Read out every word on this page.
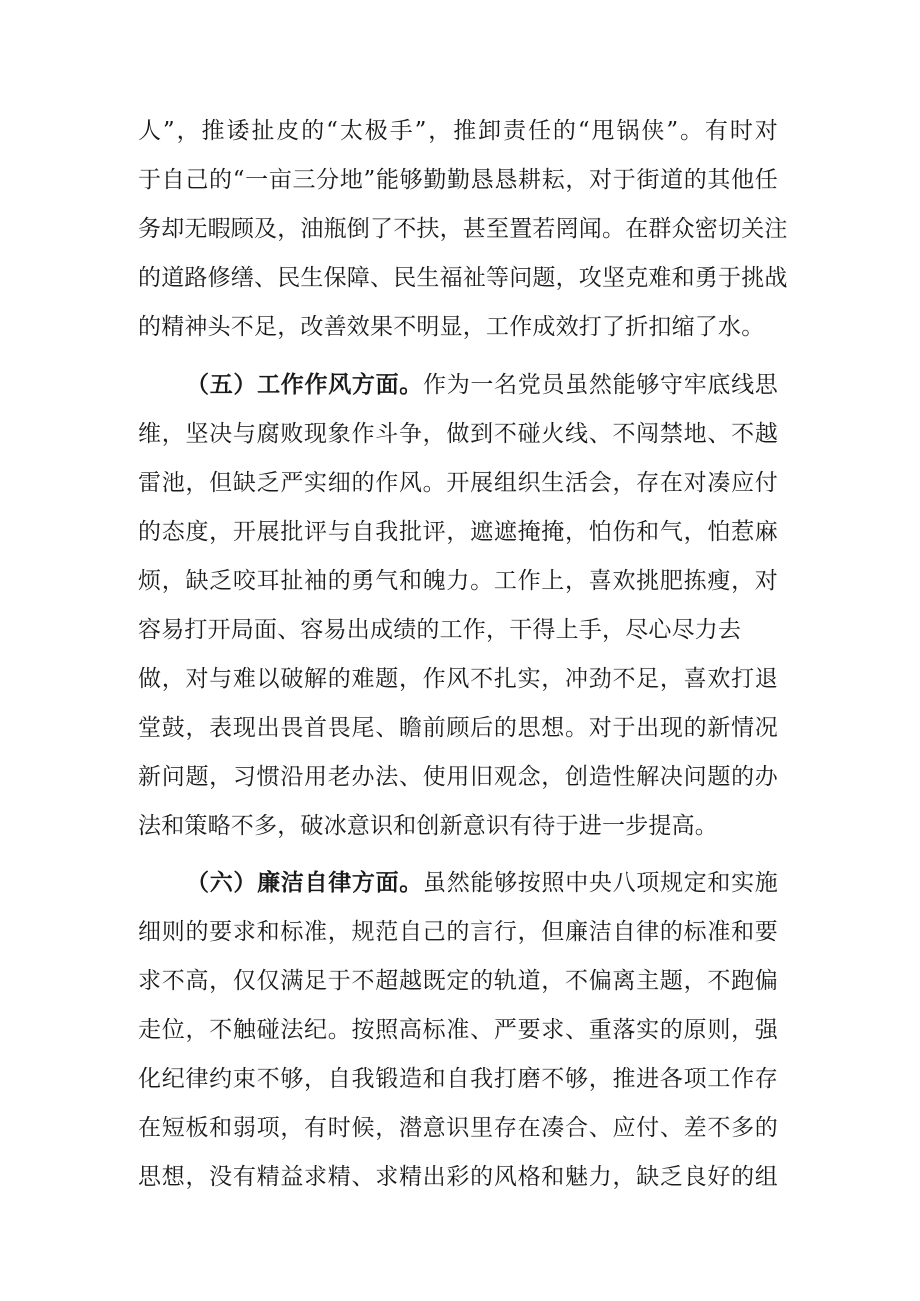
人”，推诿扯皮的“太极手”，推卸责任的“甩锅侠”。有时对
于自己的“一亩三分地”能够勤勤恳恳耕耘，对于街道的其他任
务却无暇顾及，油瓶倒了不扶，甚至置若罔闻。在群众密切关注
的道路修缮、民生保障、民生福祉等问题，攻坚克难和勇于挑战
的精神头不足，改善效果不明显，工作成效打了折扣缩了水。
（五）工作作风方面。作为一名党员虽然能够守牢底线思
维，坚决与腐败现象作斗争，做到不碰火线、不闯禁地、不越
雷池，但缺乏严实细的作风。开展组织生活会，存在对凑应付
的态度，开展批评与自我批评，遮遮掩掩，怕伤和气，怕惹麻
烦，缺乏咬耳扯袖的勇气和魄力。工作上，喜欢挑肥拣瘦，对
容易打开局面、容易出成绩的工作，干得上手，尽心尽力去
做，对与难以破解的难题，作风不扎实，冲劲不足，喜欢打退
堂鼓，表现出畏首畏尾、瞻前顾后的思想。对于出现的新情况
新问题，习惯沿用老办法、使用旧观念，创造性解决问题的办
法和策略不多，破冰意识和创新意识有待于进一步提高。
（六）廉洁自律方面。虽然能够按照中央八项规定和实施
细则的要求和标准，规范自己的言行，但廉洁自律的标准和要
求不高，仅仅满足于不超越既定的轨道，不偏离主题，不跑偏
走位，不触碰法纪。按照高标准、严要求、重落实的原则，强
化纪律约束不够，自我锻造和自我打磨不够，推进各项工作存
在短板和弱项，有时候，潜意识里存在凑合、应付、差不多的
思想，没有精益求精、求精出彩的风格和魅力，缺乏良好的组
